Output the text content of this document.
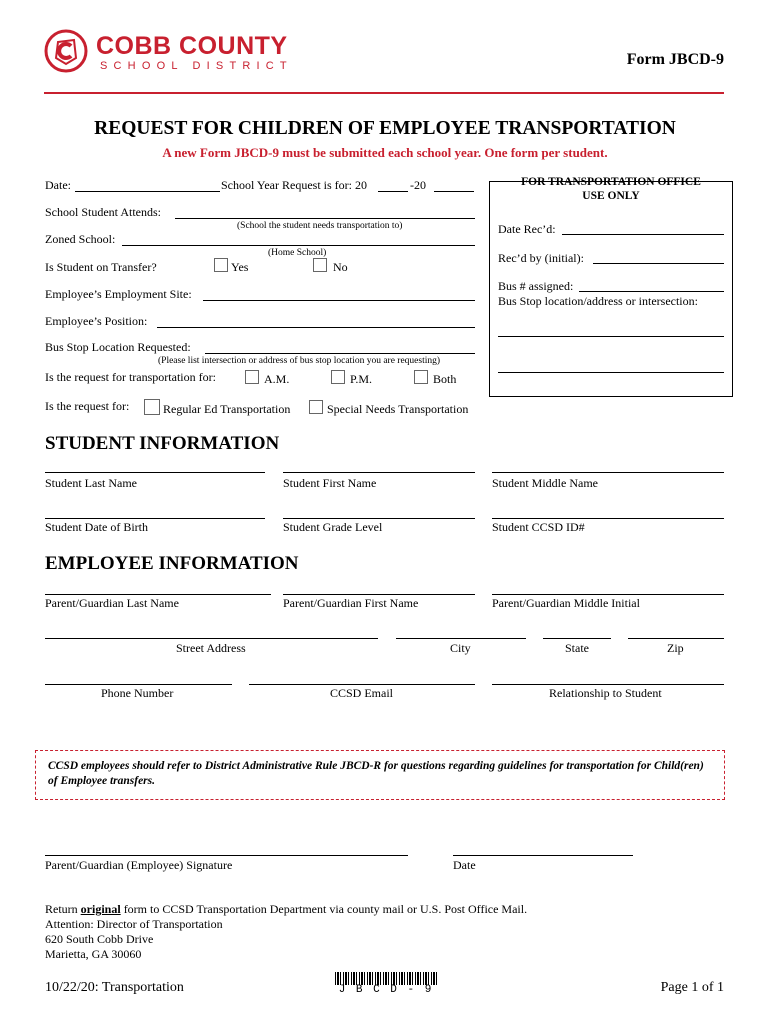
COBB COUNTY
SCHOOL DISTRICT	Form JBCD-9
REQUEST FOR CHILDREN OF EMPLOYEE TRANSPORTATION
A new Form JBCD-9 must be submitted each school year. One form per student.
Date:	School Year Request is for: 20	-20
School Student Attends:
(School the student needs transportation to)
Zoned School:
(Home School)
Is Student on Transfer?	Yes	No
Employee’s Employment Site:
Employee’s Position:
Bus Stop Location Requested:
(Please list intersection or address of bus stop location you are requesting)
Is the request for transportation for:	A.M.	P.M.	Both
Is the request for:	Regular Ed Transportation	Special Needs Transportation
FOR TRANSPORTATION OFFICE
USE ONLY
Date Rec’d:
Rec’d by (initial):
Bus # assigned:
Bus Stop location/address or intersection:
STUDENT INFORMATION
Student Last Name	Student First Name	Student Middle Name
Student Date of Birth	Student Grade Level	Student CCSD ID#
EMPLOYEE INFORMATION
Parent/Guardian Last Name	Parent/Guardian First Name	Parent/Guardian Middle Initial
Street Address	City	State	Zip
Phone Number	CCSD Email	Relationship to Student
CCSD employees should refer to District Administrative Rule JBCD-R for questions regarding guidelines for transportation for Child(ren) of Employee transfers.
Parent/Guardian (Employee) Signature	Date
Return original form to CCSD Transportation Department via county mail or U.S. Post Office Mail.
Attention: Director of Transportation
620 South Cobb Drive
Marietta, GA 30060
10/22/20: Transportation	J B C D - 9	Page 1 of 1
